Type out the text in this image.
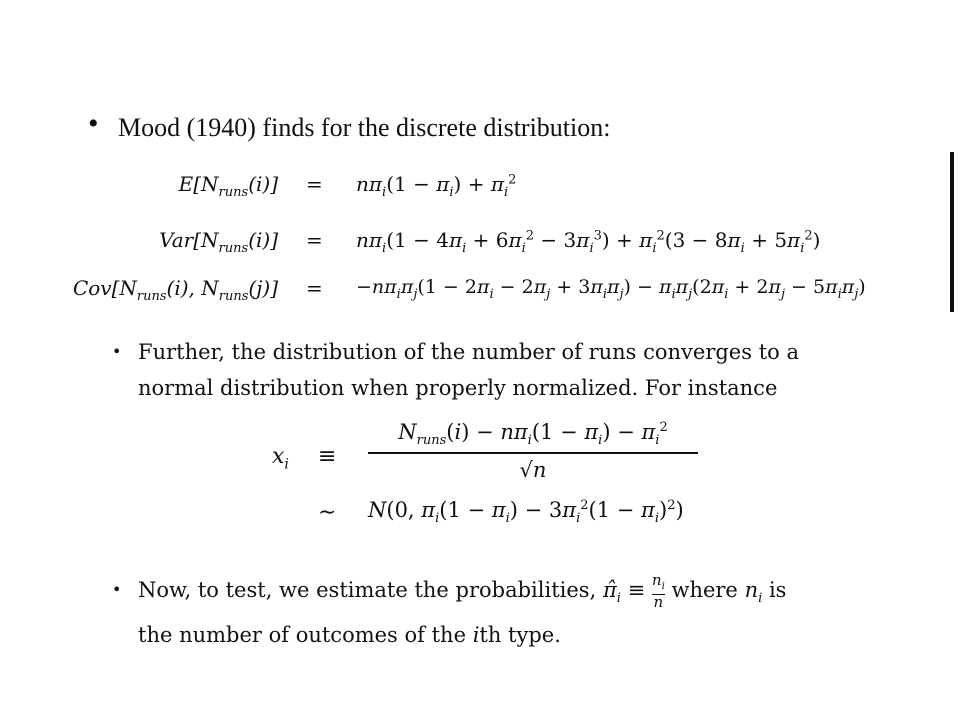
• Mood (1940) finds for the discrete distribution:
$E[N_{runs}(i)] = n\pi_i(1 - \pi_i) + \pi_i^2$
$Var[N_{runs}(i)] = n\pi_i(1 - 4\pi_i + 6\pi_i^2 - 3\pi_i^3) + \pi_i^2(3 - 8\pi_i + 5\pi_i^2)$
$Cov[N_{runs}(i)$, $N_{runs}(j)] = -n\pi_i\pi_j(1 - 2\pi_i - 2\pi_j + 3\pi_i\pi_j) - \pi_i\pi_j(2\pi_i + 2\pi_j - 5\pi_i\pi_j)$
• Further, the distribution of the number of runs converges to a
normal distribution when properly normalized. For instance
$x_i$ ≡
$N_{runs}(i) - n\pi_i(1 - \pi_i) - \pi_i^2$
√n
∼ N(0, $\pi_i(1 - \pi_i) - 3\pi_i^2(1 - \pi_i)^2$)
• Now, to test, we estimate the probabilities, $\pî_i \equiv \frac{n_i}{n}$ where $n_i$ is
the number of outcomes of the ith type.
